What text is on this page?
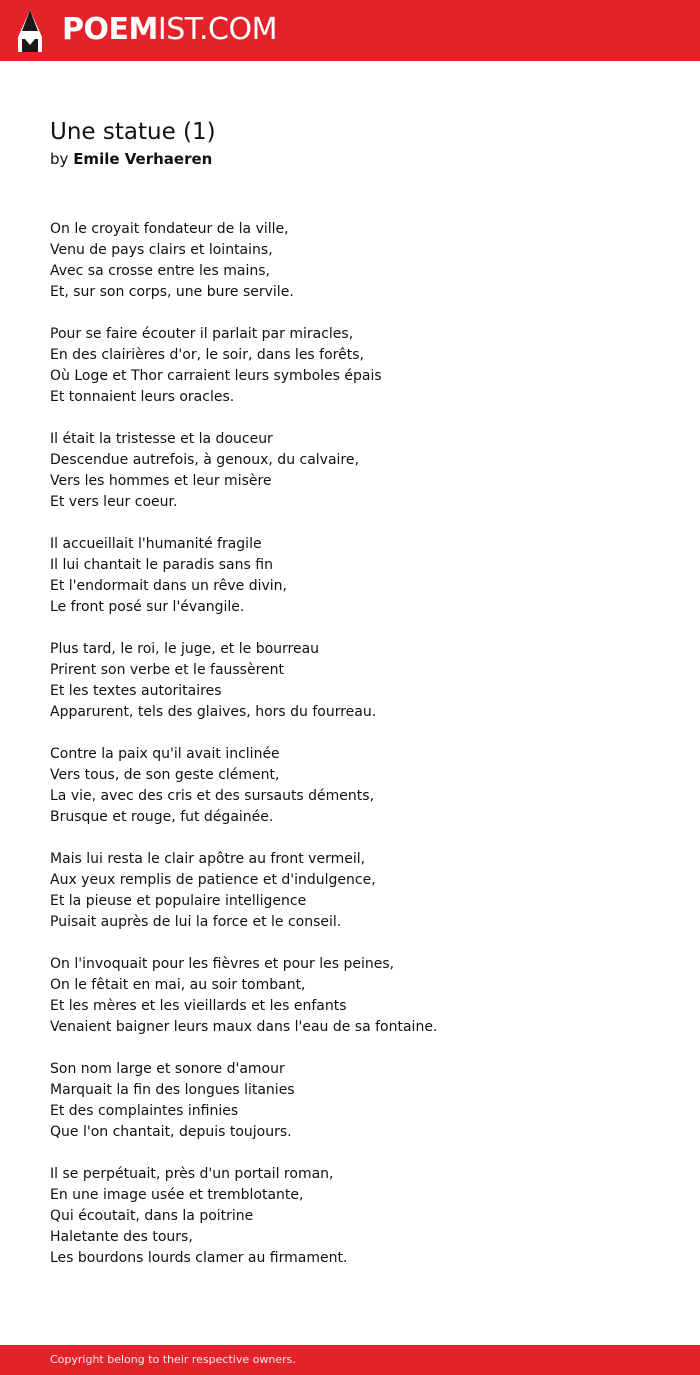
POEMIST.COM
Une statue (1)
by Emile Verhaeren
On le croyait fondateur de la ville,
Venu de pays clairs et lointains,
Avec sa crosse entre les mains,
Et, sur son corps, une bure servile.
Pour se faire écouter il parlait par miracles,
En des clairières d'or, le soir, dans les forêts,
Où Loge et Thor carraient leurs symboles épais
Et tonnaient leurs oracles.
Il était la tristesse et la douceur
Descendue autrefois, à genoux, du calvaire,
Vers les hommes et leur misère
Et vers leur coeur.
Il accueillait l'humanité fragile
Il lui chantait le paradis sans fin
Et l'endormait dans un rêve divin,
Le front posé sur l'évangile.
Plus tard, le roi, le juge, et le bourreau
Prirent son verbe et le faussèrent
Et les textes autoritaires
Apparurent, tels des glaives, hors du fourreau.
Contre la paix qu'il avait inclinée
Vers tous, de son geste clément,
La vie, avec des cris et des sursauts déments,
Brusque et rouge, fut dégainée.
Mais lui resta le clair apôtre au front vermeil,
Aux yeux remplis de patience et d'indulgence,
Et la pieuse et populaire intelligence
Puisait auprès de lui la force et le conseil.
On l'invoquait pour les fièvres et pour les peines,
On le fêtait en mai, au soir tombant,
Et les mères et les vieillards et les enfants
Venaient baigner leurs maux dans l'eau de sa fontaine.
Son nom large et sonore d'amour
Marquait la fin des longues litanies
Et des complaintes infinies
Que l'on chantait, depuis toujours.
Il se perpétuait, près d'un portail roman,
En une image usée et tremblotante,
Qui écoutait, dans la poitrine
Haletante des tours,
Les bourdons lourds clamer au firmament.
Copyright belong to their respective owners.
